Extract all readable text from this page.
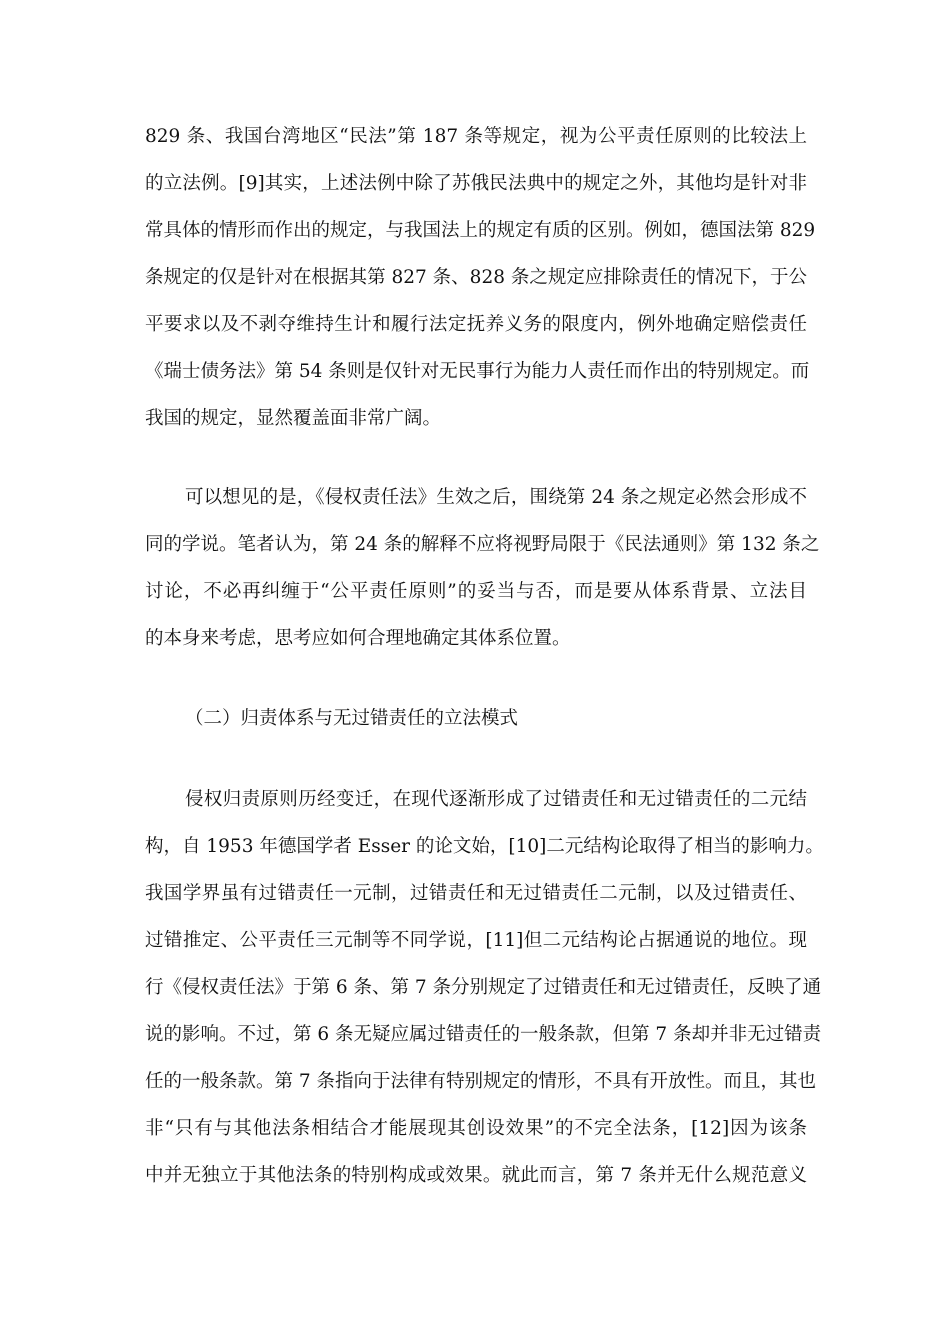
829 条、我国台湾地区“民法”第 187 条等规定，视为公平责任原则的比较法上
的立法例。[9]其实，上述法例中除了苏俄民法典中的规定之外，其他均是针对非
常具体的情形而作出的规定，与我国法上的规定有质的区别。例如，德国法第 829
条规定的仅是针对在根据其第 827 条、828 条之规定应排除责任的情况下，于公
平要求以及不剥夺维持生计和履行法定抚养义务的限度内，例外地确定赔偿责任
《瑞士债务法》第 54 条则是仅针对无民事行为能力人责任而作出的特别规定。而
我国的规定，显然覆盖面非常广阔。
可以想见的是，《侵权责任法》生效之后，围绕第 24 条之规定必然会形成不
同的学说。笔者认为，第 24 条的解释不应将视野局限于《民法通则》第 132 条之
讨论，不必再纠缠于“公平责任原则”的妥当与否，而是要从体系背景、立法目
的本身来考虑，思考应如何合理地确定其体系位置。
（二）归责体系与无过错责任的立法模式
侵权归责原则历经变迁，在现代逐渐形成了过错责任和无过错责任的二元结
构，自 1953 年德国学者 Esser 的论文始，[10]二元结构论取得了相当的影响力。
我国学界虽有过错责任一元制，过错责任和无过错责任二元制，以及过错责任、
过错推定、公平责任三元制等不同学说，[11]但二元结构论占据通说的地位。现
行《侵权责任法》于第 6 条、第 7 条分别规定了过错责任和无过错责任，反映了通
说的影响。不过，第 6 条无疑应属过错责任的一般条款，但第 7 条却并非无过错责
任的一般条款。第 7 条指向于法律有特别规定的情形，不具有开放性。而且，其也
非“只有与其他法条相结合才能展现其创设效果”的不完全法条，[12]因为该条
中并无独立于其他法条的特别构成或效果。就此而言，第 7 条并无什么规范意义
